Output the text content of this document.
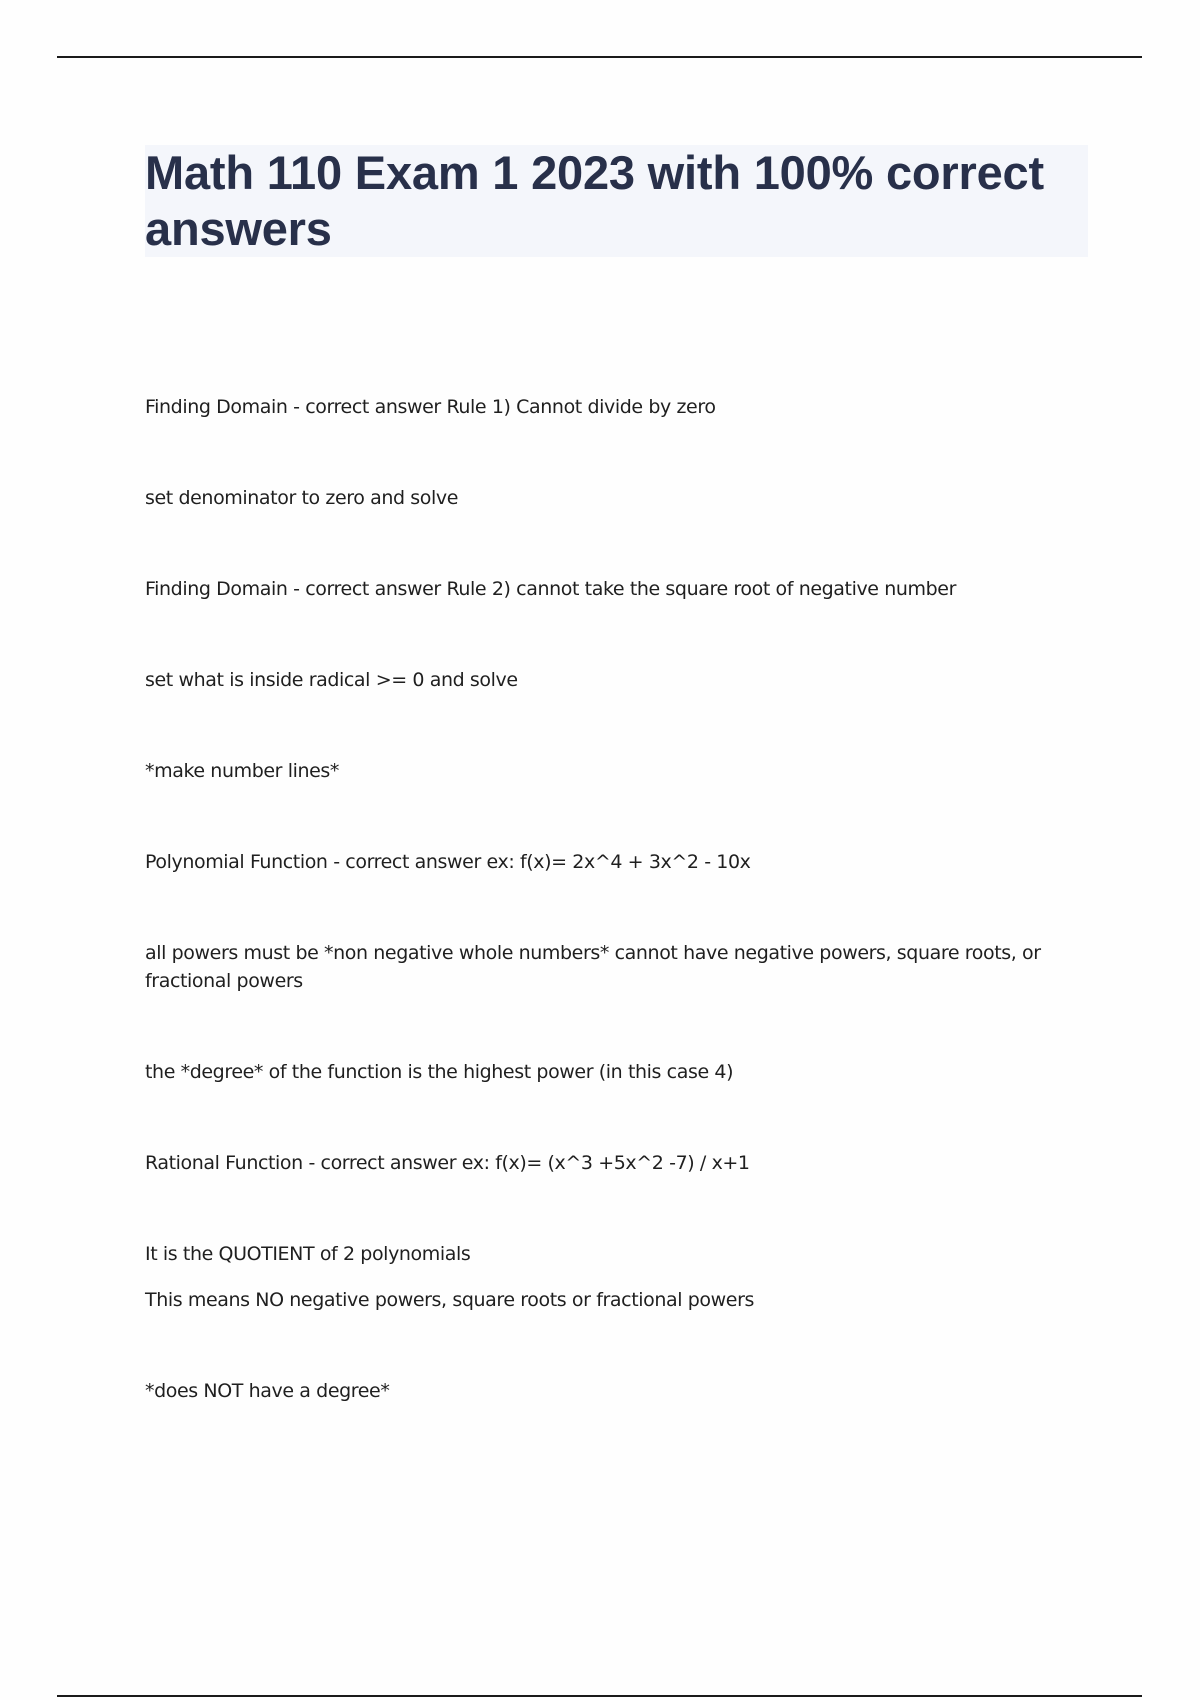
Math 110 Exam 1 2023 with 100% correct answers

Finding Domain - correct answer Rule 1) Cannot divide by zero

set denominator to zero and solve

Finding Domain - correct answer Rule 2) cannot take the square root of negative number

set what is inside radical >= 0 and solve

*make number lines*

Polynomial Function - correct answer ex: f(x)= 2x^4 + 3x^2 - 10x

all powers must be *non negative whole numbers* cannot have negative powers, square roots, or fractional powers

the *degree* of the function is the highest power (in this case 4)

Rational Function - correct answer ex: f(x)= (x^3 +5x^2 -7) / x+1

It is the QUOTIENT of 2 polynomials

This means NO negative powers, square roots or fractional powers

*does NOT have a degree*
